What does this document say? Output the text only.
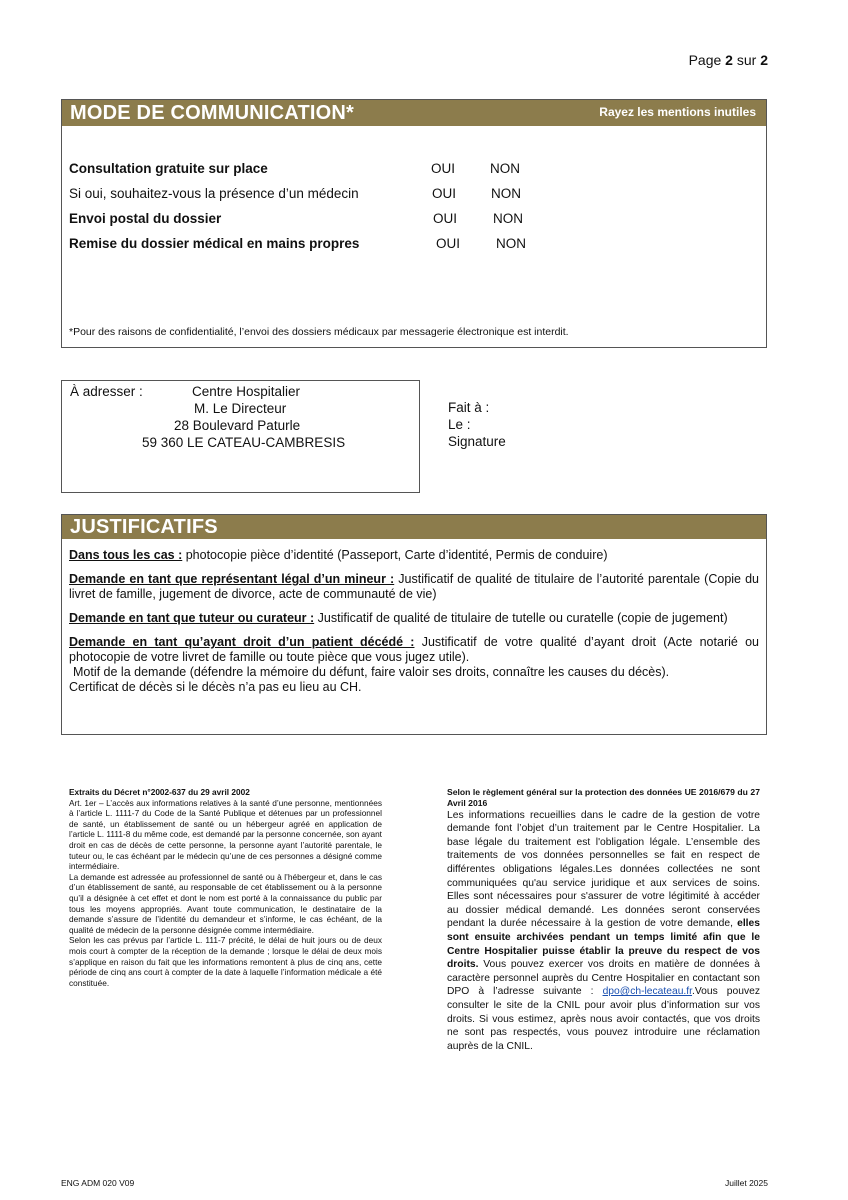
Page 2 sur 2
MODE DE COMMUNICATION*	Rayez les mentions inutiles
Consultation gratuite sur place	OUI	NON
Si oui, souhaitez-vous la présence d’un médecin	OUI	NON
Envoi postal du dossier	OUI	NON
Remise du dossier médical en mains propres	OUI	NON
*Pour des raisons de confidentialité, l’envoi des dossiers médicaux par messagerie électronique est interdit.
À adresser :	Centre Hospitalier
M. Le Directeur
28 Boulevard Paturle
59 360 LE CATEAU-CAMBRESIS
Fait à :
Le :
Signature
JUSTIFICATIFS

Dans tous les cas : photocopie pièce d’identité (Passeport, Carte d’identité, Permis de conduire)

Demande en tant que représentant légal d’un mineur : Justificatif de qualité de titulaire de l’autorité parentale (Copie du livret de famille, jugement de divorce, acte de communauté de vie)

Demande en tant que tuteur ou curateur : Justificatif de qualité de titulaire de tutelle ou curatelle (copie de jugement)

Demande en tant qu’ayant droit d’un patient décédé : Justificatif de votre qualité d’ayant droit (Acte notarié ou photocopie de votre livret de famille ou toute pièce que vous jugez utile).

Motif de la demande (défendre la mémoire du défunt, faire valoir ses droits, connaître les causes du décès).

Certificat de décès si le décès n’a pas eu lieu au CH.

Extraits du Décret n°2002-637 du 29 avril 2002

Art. 1er – L’accès aux informations relatives à la santé d’une personne, mentionnées à l’article L. 1111-7 du Code de la Santé Publique et détenues par un professionnel de santé, un établissement de santé ou un hébergeur agréé en application de l’article L. 1111-8 du même code, est demandé par la personne concernée, son ayant droit en cas de décès de cette personne, la personne ayant l’autorité parentale, le tuteur ou, le cas échéant par le médecin qu’une de ces personnes a désigné comme intermédiaire.

La demande est adressée au professionnel de santé ou à l’hébergeur et, dans le cas d’un établissement de santé, au responsable de cet établissement ou à la personne qu’il a désignée à cet effet et dont le nom est porté à la connaissance du public par tous les moyens appropriés. Avant toute communication, le destinataire de la demande s’assure de l’identité du demandeur et s’informe, le cas échéant, de la qualité de médecin de la personne désignée comme intermédiaire.

Selon les cas prévus par l’article L. 111-7 précité, le délai de huit jours ou de deux mois court à compter de la réception de la demande ; lorsque le délai de deux mois s’applique en raison du fait que les informations remontent à plus de cinq ans, cette période de cinq ans court à compter de la date à laquelle l’information médicale a été constituée.

Selon le règlement général sur la protection des données UE 2016/679 du 27 Avril 2016
Les informations recueillies dans le cadre de la gestion de votre demande font l’objet d’un traitement par le Centre Hospitalier. La base légale du traitement est l'obligation légale. L’ensemble des traitements de vos données personnelles se fait en respect de différentes obligations légales.Les données collectées ne sont communiquées qu'au service juridique et aux services de soins. Elles sont nécessaires pour s'assurer de votre légitimité à accéder au dossier médical demandé. Les données seront conservées pendant la durée nécessaire à la gestion de votre demande, elles sont ensuite archivées pendant un temps limité afin que le Centre Hospitalier puisse établir la preuve du respect de vos droits. Vous pouvez exercer vos droits en matière de données à caractère personnel auprès du Centre Hospitalier en contactant son DPO à l’adresse suivante : dpo@ch-lecateau.fr.Vous pouvez consulter le site de la CNIL pour avoir plus d’information sur vos droits. Si vous estimez, après nous avoir contactés, que vos droits ne sont pas respectés, vous pouvez introduire une réclamation auprès de la CNIL.
ENG ADM 020 V09	Juillet 2025
